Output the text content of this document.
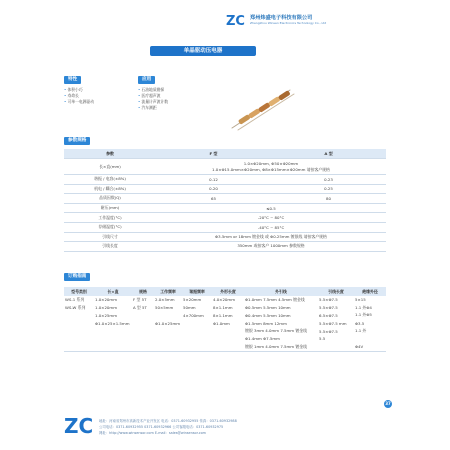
ZC 郑州炜盛电子科技有限公司
Zhengzhou Winsen Electronics Technology Co., Ltd
单晶驱动压电器
特性
• 体积小巧
• 寿命长
• 可单一电源驱动
应用
• 石油地质勘探
• 医疗超声波
• 流量计声波计数
• 汽车测距
参数规格
参数	F 型	A 型
长×直(mm)	1.0×Φ20mm, Φ50×Φ20mm
1.0×Φ15.0mm×Φ20mm, Φ8×Φ15mm×Φ20mm 请按客户规格	

谐振 / 电容(±8%)	0.12	0.23
机电 / 耦合(±8%)	0.20	0.25
品质因数(Q)	65	80
耐压(mm)	≤0.5	
工作温度(°C)	-20°C ~ 80°C	
存储温度(°C)	-40°C ~ 85°C	
引线尺寸	Φ3.5mm or 18mm 镀金线 或 Φ0.25mm 镀银线 请按客户规格	
引线长度	350mm 或按客户 1000mm 参数规格	
订购指南
型号类别	长×直	规格	工作频率	谐振频率	外形长度	外引线	引线长度	绝缘外径
WS-1 系列	1.0×20mm	F 型 5T	2.0×5mm	5×20mm	4.0×20mm	Φ1.0mm 7.5mm 4.5mm 镀金线	5.5×Φ7.5	5×15
WS-W 系列	1.0×20mm	A 型 5T	50×5mm	50mm	8×1.1mm	Φ0.5mm 5.5mm 10mm	5.5×Φ7.5	1.1 外Φ4
	1.0×25mm			4×700mm	8×1.1mm	Φ0.4mm 5.5mm 10mm	6.5×Φ7.5	1.1 外Φ5
	Φ1.0×25×1.5mm		Φ1.0×25mm		Φ1.0mm	Φ1.5mm 8mm 12mm	5.5×Φ7.5 mm	Φ3.5
						镀银 3mm 4.0mm 7.5mm 镀金线	5.5×Φ7.5	1.1 外
						Φ1.4mm Φ7.5mm	5.5	
						镀银 1mm 4.0mm 7.5mm 镀金线		Φ4V
37
ZC 地址：河南省郑州市高新技术产业开发区 电话：0371-60932955 传真：0371-60932988
公司电话：0371-60932955 0371-60932966 公司客服电话：0371-60932975
网址：http://www.winsensor.com E-mail：sales@winsensor.com
